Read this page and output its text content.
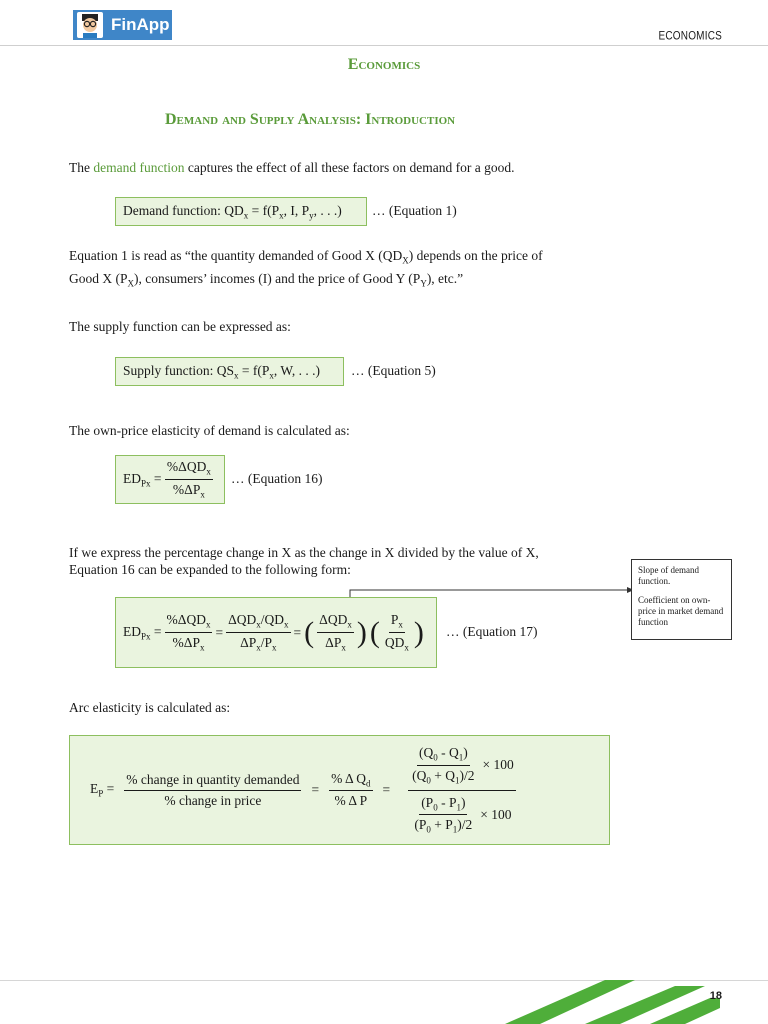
FinApp
ECONOMICS
Economics
Demand and Supply Analysis: Introduction
The demand function captures the effect of all these factors on demand for a good.
Demand function: $QD_x = f(P_x$, I, $P_y$, . . .)	… (Equation 1)
Equation 1 is read as “the quantity demanded of Good X $(QD_X)$ depends on the price of
Good X $(P_X)$, consumers’ incomes (I) and the price of Good Y $(P_Y)$, etc.”
The supply function can be expressed as:
Supply function: $QS_x = f(P_x$, W, . . .)	… (Equation 5)
The own-price elasticity of demand is calculated as:
$ED_{Px} = \frac{\%\Delta QD_x}{\%\Delta P_x}$ … (Equation 16)
If we express the percentage change in X as the change in X divided by the value of X,
Equation 16 can be expanded to the following form:	Slope of demand function.

Coefficient on own-price in market demand function

$ED_{Px} = \frac{\%\Delta QD_x}{\%\Delta P_x} = \frac{\Delta QD_x/QD_x}{\Delta P_x/P_x}$ = ( $\frac{\Delta QD_x}{\Delta P_x}$ ) ( $\frac{P_x}{QD_x}$ ) … (Equation 17)
Arc elasticity is calculated as:
$E_P = \frac{\text{\% change in quantity demanded}}{\text{\% change in price}} = \frac{\% \Delta Q_d}{\text{\% Δ P}} = \frac{\frac{(Q_0 - Q_1)}{(Q_0 + Q_1)/2} \times 100}{\frac{(P_0 - P_1)}{(P_0 + P_1)/2} \times 100}$
18
